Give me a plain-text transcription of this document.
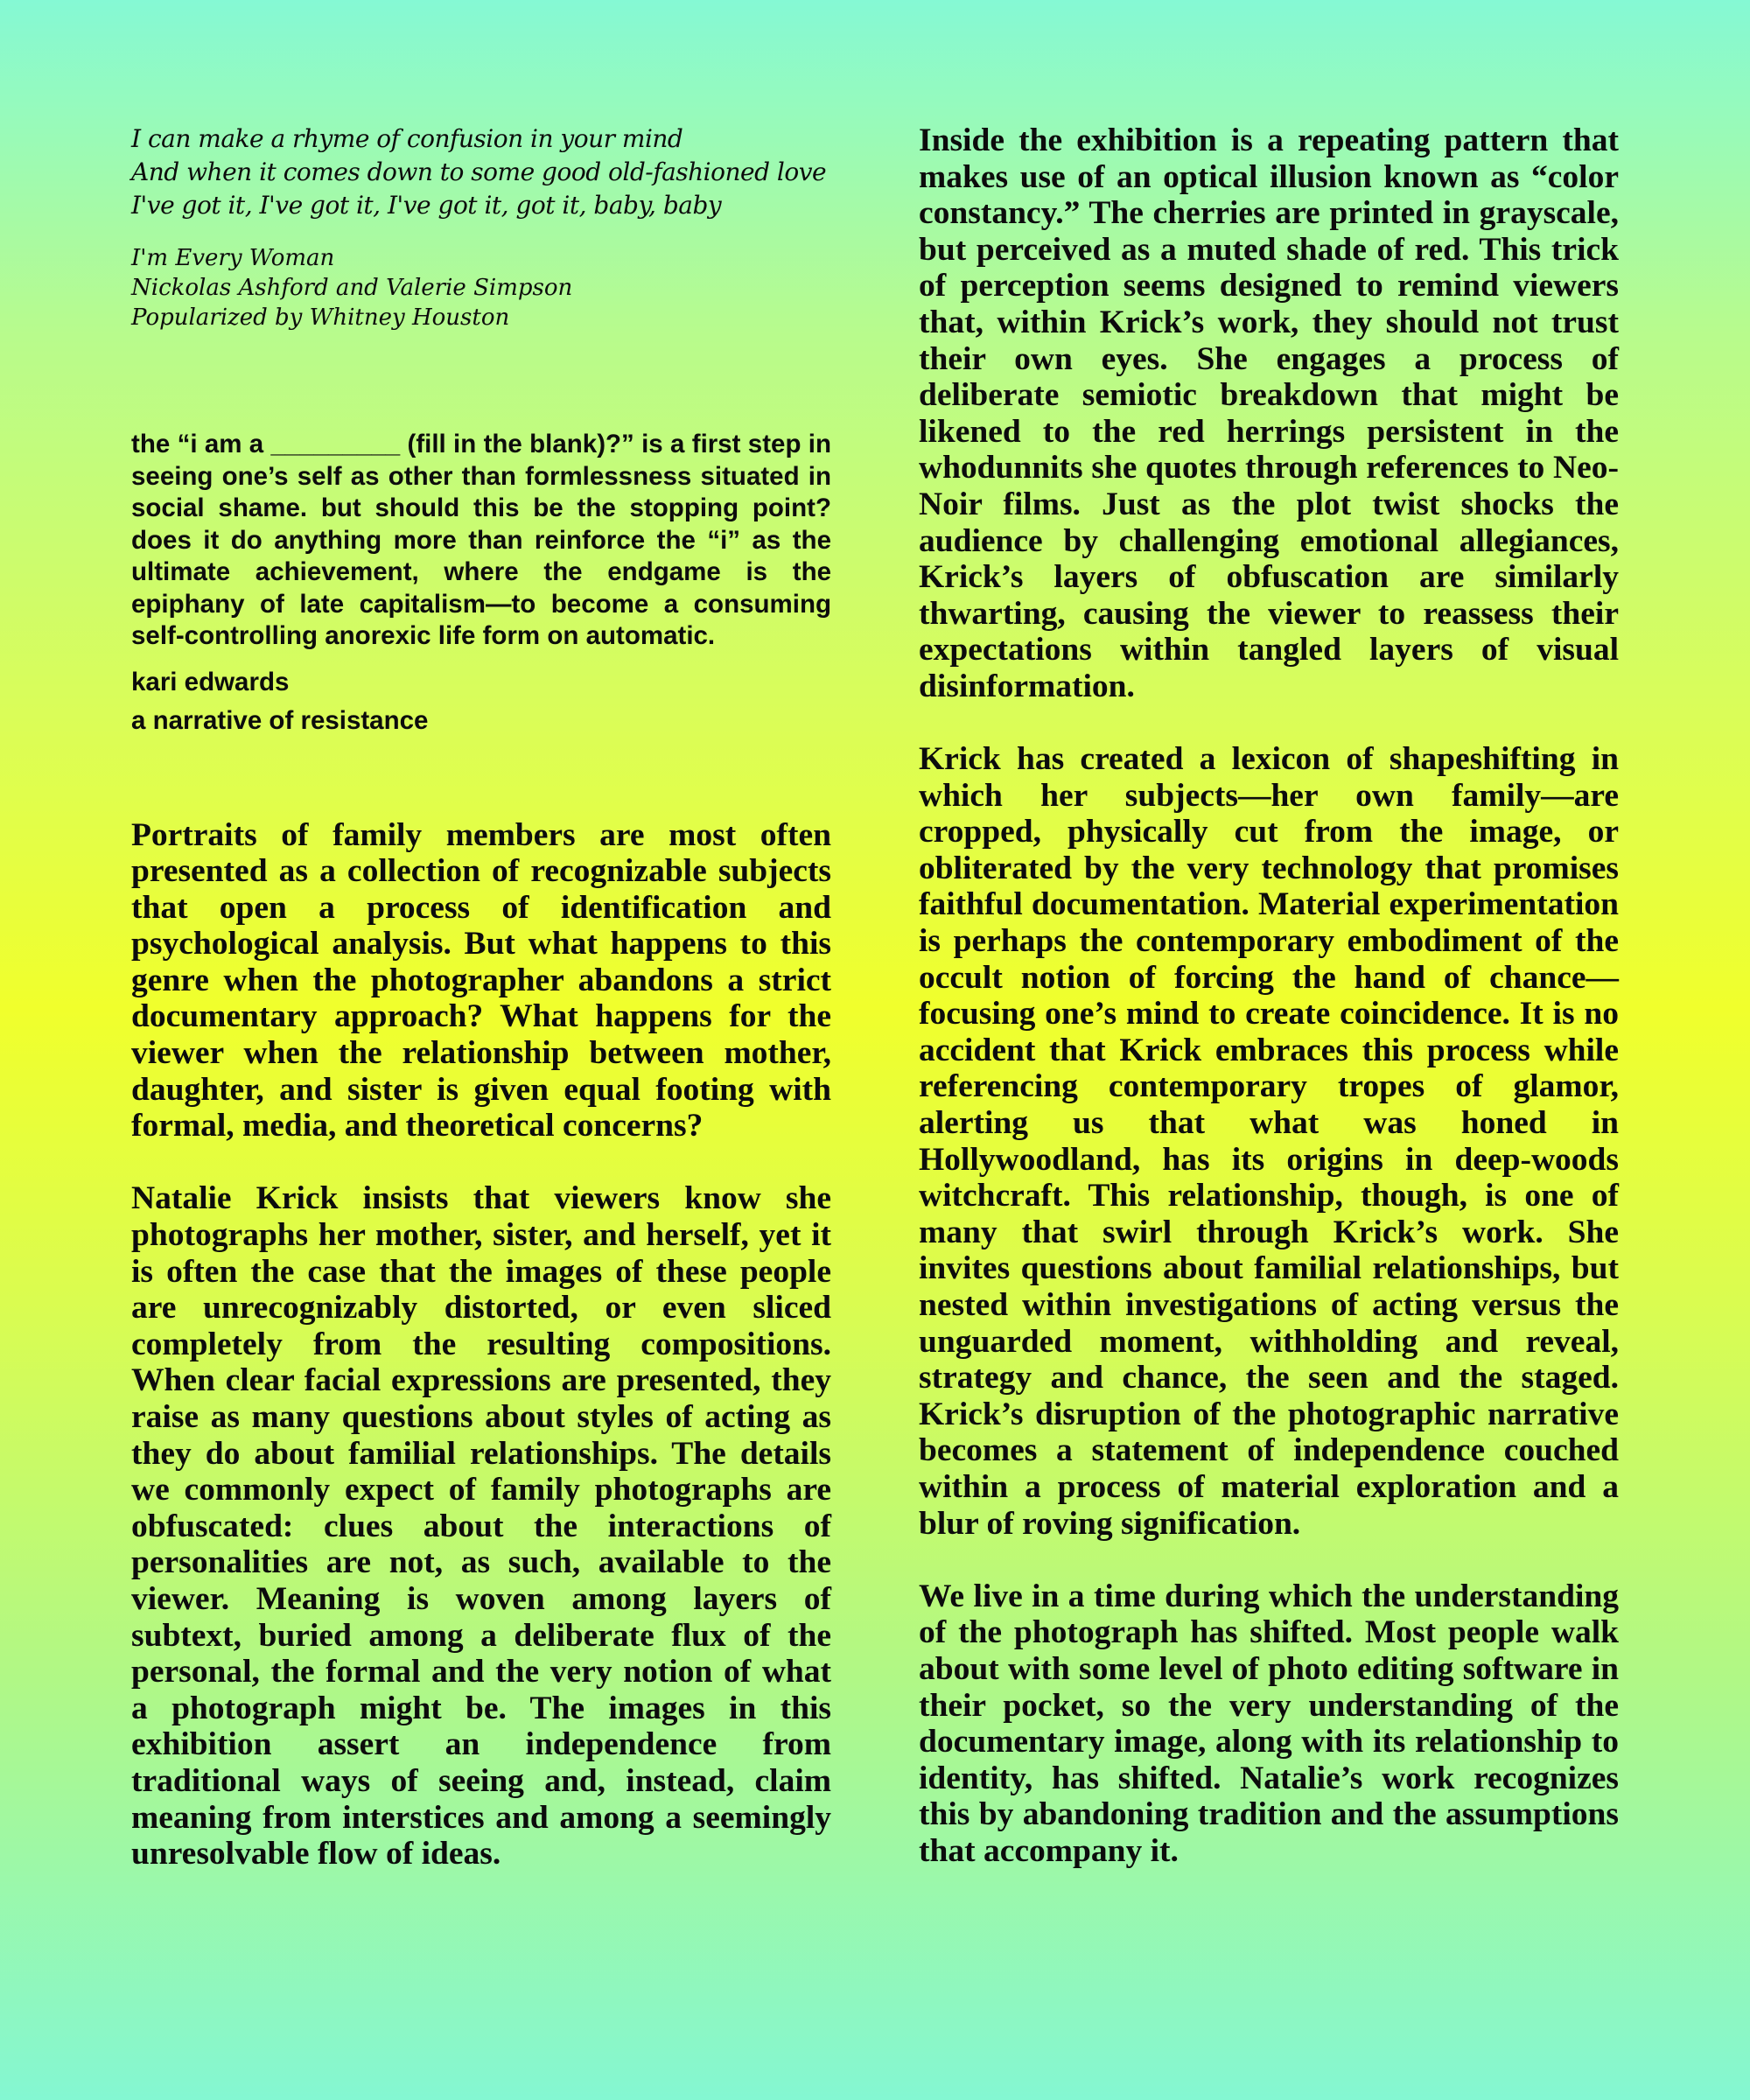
I can make a rhyme of confusion in your mind
And when it comes down to some good old-fashioned love
I've got it, I've got it, I've got it, got it, baby, baby
I'm Every Woman
Nickolas Ashford and Valerie Simpson
Popularized by Whitney Houston

the “i am a _________ (fill in the blank)?” is a first step in seeing one’s self as other than formlessness situated in social shame. but should this be the stopping point? does it do anything more than reinforce the “i” as the ultimate achievement, where the endgame is the epiphany of late capitalism—to become a consuming self-controlling anorexic life form on automatic.

kari edwards
a narrative of resistance

Portraits of family members are most often presented as a collection of recognizable subjects that open a process of identification and psychological analysis. But what happens to this genre when the photographer abandons a strict documentary approach? What happens for the viewer when the relationship between mother, daughter, and sister is given equal footing with formal, media, and theoretical concerns?

Natalie Krick insists that viewers know she photographs her mother, sister, and herself, yet it is often the case that the images of these people are unrecognizably distorted, or even sliced completely from the resulting compositions. When clear facial expressions are presented, they raise as many questions about styles of acting as they do about familial relationships. The details we commonly expect of family photographs are obfuscated: clues about the interactions of personalities are not, as such, available to the viewer. Meaning is woven among layers of subtext, buried among a deliberate flux of the personal, the formal and the very notion of what a photograph might be. The images in this exhibition assert an independence from traditional ways of seeing and, instead, claim meaning from interstices and among a seemingly unresolvable flow of ideas.

Inside the exhibition is a repeating pattern that makes use of an optical illusion known as “color constancy.” The cherries are printed in grayscale, but perceived as a muted shade of red. This trick of perception seems designed to remind viewers that, within Krick’s work, they should not trust their own eyes. She engages a process of deliberate semiotic breakdown that might be likened to the red herrings persistent in the whodunnits she quotes through references to Neo-Noir films. Just as the plot twist shocks the audience by challenging emotional allegiances, Krick’s layers of obfuscation are similarly thwarting, causing the viewer to reassess their expectations within tangled layers of visual disinformation.

Krick has created a lexicon of shapeshifting in which her subjects—her own family—are cropped, physically cut from the image, or obliterated by the very technology that promises faithful documentation. Material experimentation is perhaps the contemporary embodiment of the occult notion of forcing the hand of chance—focusing one’s mind to create coincidence. It is no accident that Krick embraces this process while referencing contemporary tropes of glamor, alerting us that what was honed in Hollywoodland, has its origins in deep-woods witchcraft. This relationship, though, is one of many that swirl through Krick’s work. She invites questions about familial relationships, but nested within investigations of acting versus the unguarded moment, withholding and reveal, strategy and chance, the seen and the staged. Krick’s disruption of the photographic narrative becomes a statement of independence couched within a process of material exploration and a blur of roving signification.

We live in a time during which the understanding of the photograph has shifted. Most people walk about with some level of photo editing software in their pocket, so the very understanding of the documentary image, along with its relationship to identity, has shifted. Natalie’s work recognizes this by abandoning tradition and the assumptions that accompany it.
